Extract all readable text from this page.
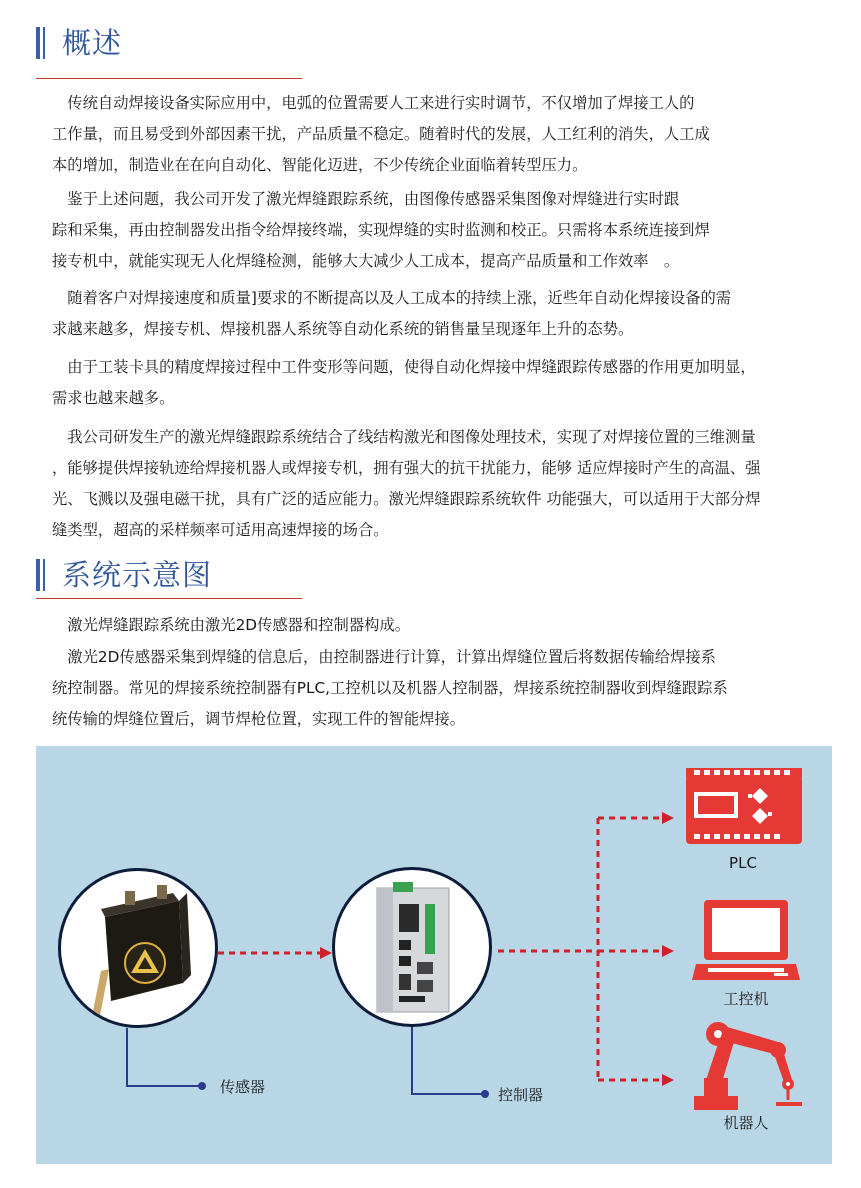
概述

　传统自动焊接设备实际应用中，电弧的位置需要人工来进行实时调节，不仅增加了焊接工人的

工作量，而且易受到外部因素干扰，产品质量不稳定。随着时代的发展，人工红利的消失，人工成

本的增加，制造业在在向自动化、智能化迈进，不少传统企业面临着转型压力。

　鉴于上述问题，我公司开发了激光焊缝跟踪系统，由图像传感器采集图像对焊缝进行实时跟

踪和采集，再由控制器发出指令给焊接终端，实现焊缝的实时监测和校正。只需将本系统连接到焊

接专机中，就能实现无人化焊缝检测，能够大大减少人工成本，提高产品质量和工作效率　。

　随着客户对焊接速度和质量]要求的不断提高以及人工成本的持续上涨，近些年自动化焊接设备的需

求越来越多，焊接专机、焊接机器人系统等自动化系统的销售量呈现逐年上升的态势。

　由于工装卡具的精度焊接过程中工件变形等问题，使得自动化焊接中焊缝跟踪传感器的作用更加明显，

需求也越来越多。

　我公司研发生产的激光焊缝跟踪系统结合了线结构激光和图像处理技术，实现了对焊接位置的三维测量

，能够提供焊接轨迹给焊接机器人或焊接专机，拥有强大的抗干扰能力，能够 适应焊接时产生的高温、强

光、飞溅以及强电磁干扰，具有广泛的适应能力。激光焊缝跟踪系统软件 功能强大，可以适用于大部分焊

缝类型，超高的采样频率可适用高速焊接的场合。

系统示意图

　激光焊缝跟踪系统由激光2D传感器和控制器构成。

　激光2D传感器采集到焊缝的信息后，由控制器进行计算，计算出焊缝位置后将数据传输给焊接系

统控制器。常见的焊接系统控制器有PLC,工控机以及机器人控制器，焊接系统控制器收到焊缝跟踪系

统传输的焊缝位置后，调节焊枪位置，实现工件的智能焊接。

传感器	控制器
PLC
工控机
机器人
